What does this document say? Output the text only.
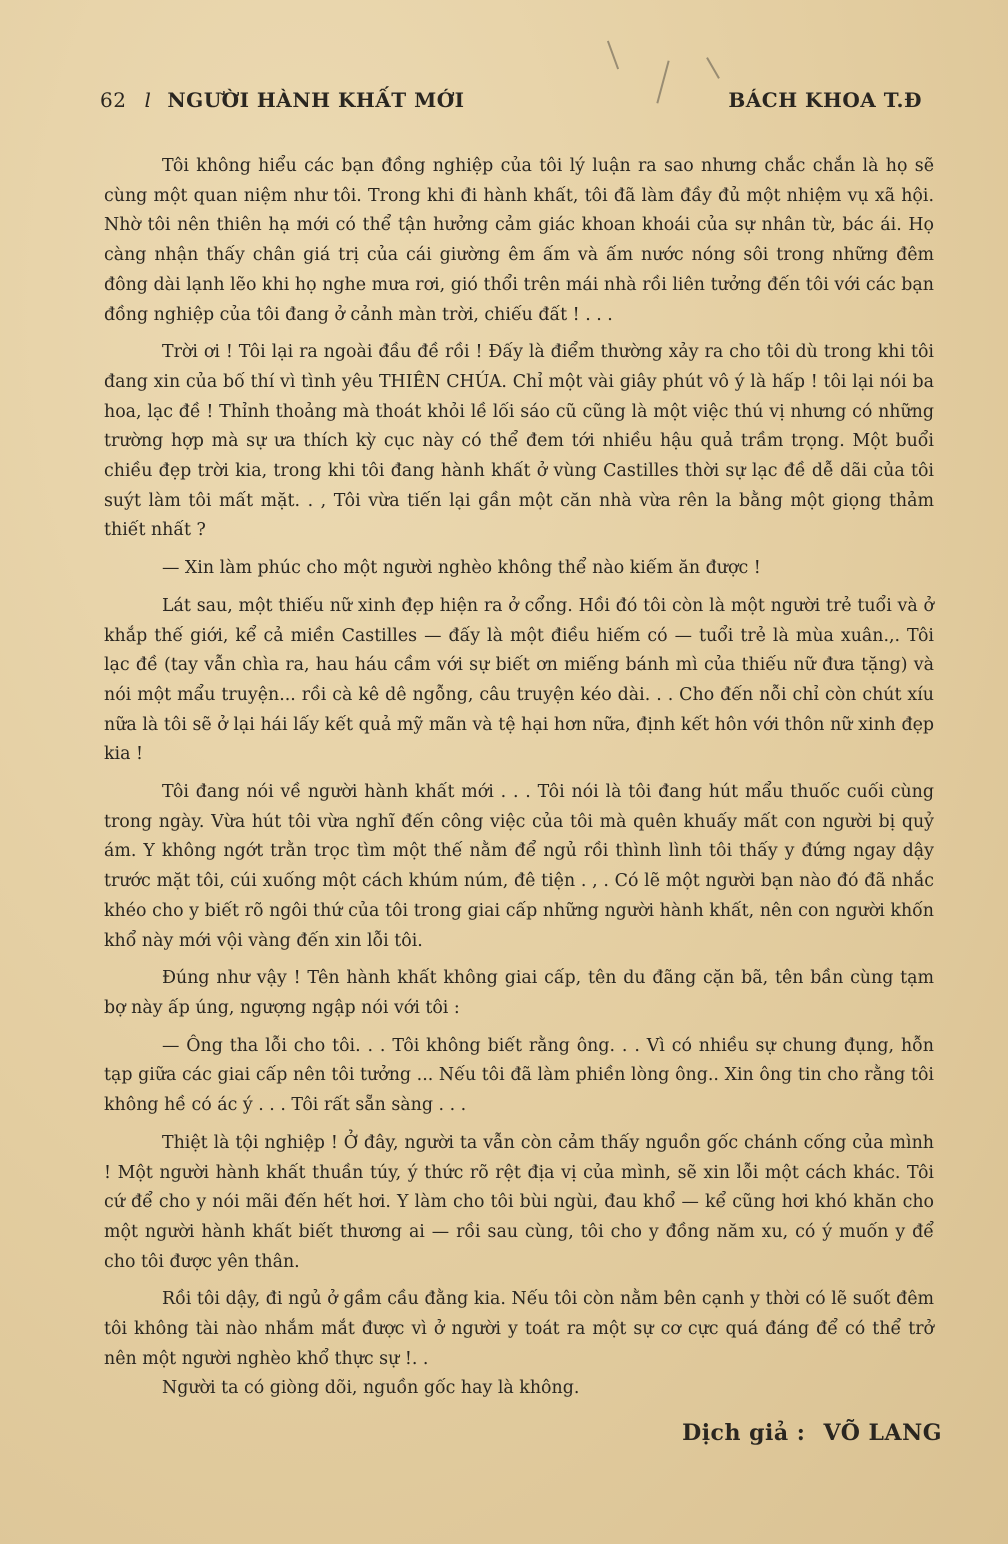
62 l NGƯỜI HÀNH KHẤT MỚI	BÁCH KHOA T.Đ

Tôi không hiểu các bạn đồng nghiệp của tôi lý luận ra sao nhưng chắc chắn là họ sẽ cùng một quan niệm như tôi. Trong khi đi hành khất, tôi đã làm đầy đủ một nhiệm vụ xã hội. Nhờ tôi nên thiên hạ mới có thể tận hưởng cảm giác khoan khoái của sự nhân từ, bác ái. Họ càng nhận thấy chân giá trị của cái giường êm ấm và ấm nước nóng sôi trong những đêm đông dài lạnh lẽo khi họ nghe mưa rơi, gió thổi trên mái nhà rồi liên tưởng đến tôi với các bạn đồng nghiệp của tôi đang ở cảnh màn trời, chiếu đất ! . . .

Trời ơi ! Tôi lại ra ngoài đầu đề rồi ! Đấy là điểm thường xảy ra cho tôi dù trong khi tôi đang xin của bố thí vì tình yêu THIÊN CHÚA. Chỉ một vài giây phút vô ý là hấp ! tôi lại nói ba hoa, lạc đề ! Thỉnh thoảng mà thoát khỏi lề lối sáo cũ cũng là một việc thú vị nhưng có những trường hợp mà sự ưa thích kỳ cục này có thể đem tới nhiều hậu quả trầm trọng. Một buổi chiều đẹp trời kia, trong khi tôi đang hành khất ở vùng Castilles thời sự lạc đề dễ dãi của tôi suýt làm tôi mất mặt. . , Tôi vừa tiến lại gần một căn nhà vừa rên la bằng một giọng thảm thiết nhất ?

— Xin làm phúc cho một người nghèo không thể nào kiếm ăn được !

Lát sau, một thiếu nữ xinh đẹp hiện ra ở cổng. Hồi đó tôi còn là một người trẻ tuổi và ở khắp thế giới, kể cả miền Castilles — đấy là một điều hiếm có — tuổi trẻ là mùa xuân.,. Tôi lạc đề (tay vẫn chìa ra, hau háu cầm với sự biết ơn miếng bánh mì của thiếu nữ đưa tặng) và nói một mẩu truyện... rồi cà kê dê ngỗng, câu truyện kéo dài. . . Cho đến nỗi chỉ còn chút xíu nữa là tôi sẽ ở lại hái lấy kết quả mỹ mãn và tệ hại hơn nữa, định kết hôn với thôn nữ xinh đẹp kia !

Tôi đang nói về người hành khất mới . . . Tôi nói là tôi đang hút mẩu thuốc cuối cùng trong ngày. Vừa hút tôi vừa nghĩ đến công việc của tôi mà quên khuấy mất con người bị quỷ ám. Y không ngớt trằn trọc tìm một thế nằm để ngủ rồi thình lình tôi thấy y đứng ngay dậy trước mặt tôi, cúi xuống một cách khúm núm, đê tiện . , . Có lẽ một người bạn nào đó đã nhắc khéo cho y biết rõ ngôi thứ của tôi trong giai cấp những người hành khất, nên con người khốn khổ này mới vội vàng đến xin lỗi tôi.

Đúng như vậy ! Tên hành khất không giai cấp, tên du đãng cặn bã, tên bần cùng tạm bợ này ấp úng, ngượng ngập nói với tôi :

— Ông tha lỗi cho tôi. . . Tôi không biết rằng ông. . . Vì có nhiều sự chung đụng, hỗn tạp giữa các giai cấp nên tôi tưởng ... Nếu tôi đã làm phiền lòng ông.. Xin ông tin cho rằng tôi không hề có ác ý . . . Tôi rất sẵn sàng . . .

Thiệt là tội nghiệp ! Ở đây, người ta vẫn còn cảm thấy nguồn gốc chánh cống của mình ! Một người hành khất thuần túy, ý thức rõ rệt địa vị của mình, sẽ xin lỗi một cách khác. Tôi cứ để cho y nói mãi đến hết hơi. Y làm cho tôi bùi ngùi, đau khổ — kể cũng hơi khó khăn cho một người hành khất biết thương ai — rồi sau cùng, tôi cho y đồng năm xu, có ý muốn y để cho tôi được yên thân.

Rồi tôi dậy, đi ngủ ở gầm cầu đằng kia. Nếu tôi còn nằm bên cạnh y thời có lẽ suốt đêm tôi không tài nào nhắm mắt được vì ở người y toát ra một sự cơ cực quá đáng để có thể trở nên một người nghèo khổ thực sự !. .

Người ta có giòng dõi, nguồn gốc hay là không.

Dịch giả : VÕ LANG
